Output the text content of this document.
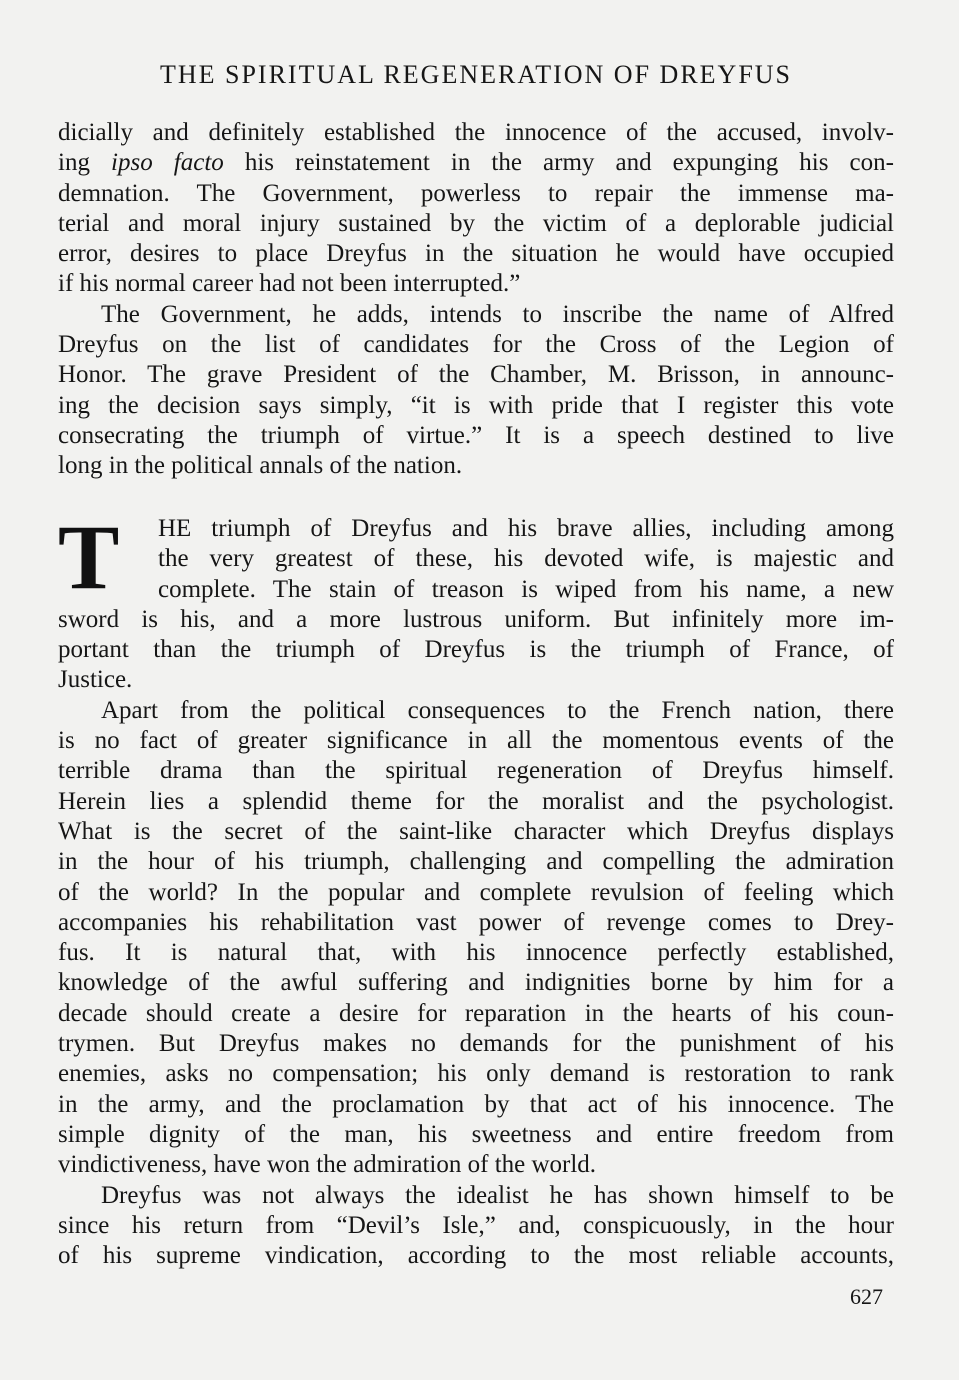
THE SPIRITUAL REGENERATION OF DREYFUS
dicially and definitely established the innocence of the accused, involv-
ing ipso facto his reinstatement in the army and expunging his con-
demnation. The Government, powerless to repair the immense ma-
terial and moral injury sustained by the victim of a deplorable judicial
error, desires to place Dreyfus in the situation he would have occupied
if his normal career had not been interrupted.”
The Government, he adds, intends to inscribe the name of Alfred
Dreyfus on the list of candidates for the Cross of the Legion of
Honor. The grave President of the Chamber, M. Brisson, in announc-
ing the decision says simply, “it is with pride that I register this vote
consecrating the triumph of virtue.” It is a speech destined to live
long in the political annals of the nation.
T	HE triumph of Dreyfus and his brave allies, including among
the very greatest of these, his devoted wife, is majestic and
complete. The stain of treason is wiped from his name, a new
sword is his, and a more lustrous uniform. But infinitely more im-
portant than the triumph of Dreyfus is the triumph of France, of
Justice.
Apart from the political consequences to the French nation, there
is no fact of greater significance in all the momentous events of the
terrible drama than the spiritual regeneration of Dreyfus himself.
Herein lies a splendid theme for the moralist and the psychologist.
What is the secret of the saint-like character which Dreyfus displays
in the hour of his triumph, challenging and compelling the admiration
of the world? In the popular and complete revulsion of feeling which
accompanies his rehabilitation vast power of revenge comes to Drey-
fus. It is natural that, with his innocence perfectly established,
knowledge of the awful suffering and indignities borne by him for a
decade should create a desire for reparation in the hearts of his coun-
trymen. But Dreyfus makes no demands for the punishment of his
enemies, asks no compensation; his only demand is restoration to rank
in the army, and the proclamation by that act of his innocence. The
simple dignity of the man, his sweetness and entire freedom from
vindictiveness, have won the admiration of the world.
Dreyfus was not always the idealist he has shown himself to be
since his return from “Devil’s Isle,” and, conspicuously, in the hour
of his supreme vindication, according to the most reliable accounts,
627
